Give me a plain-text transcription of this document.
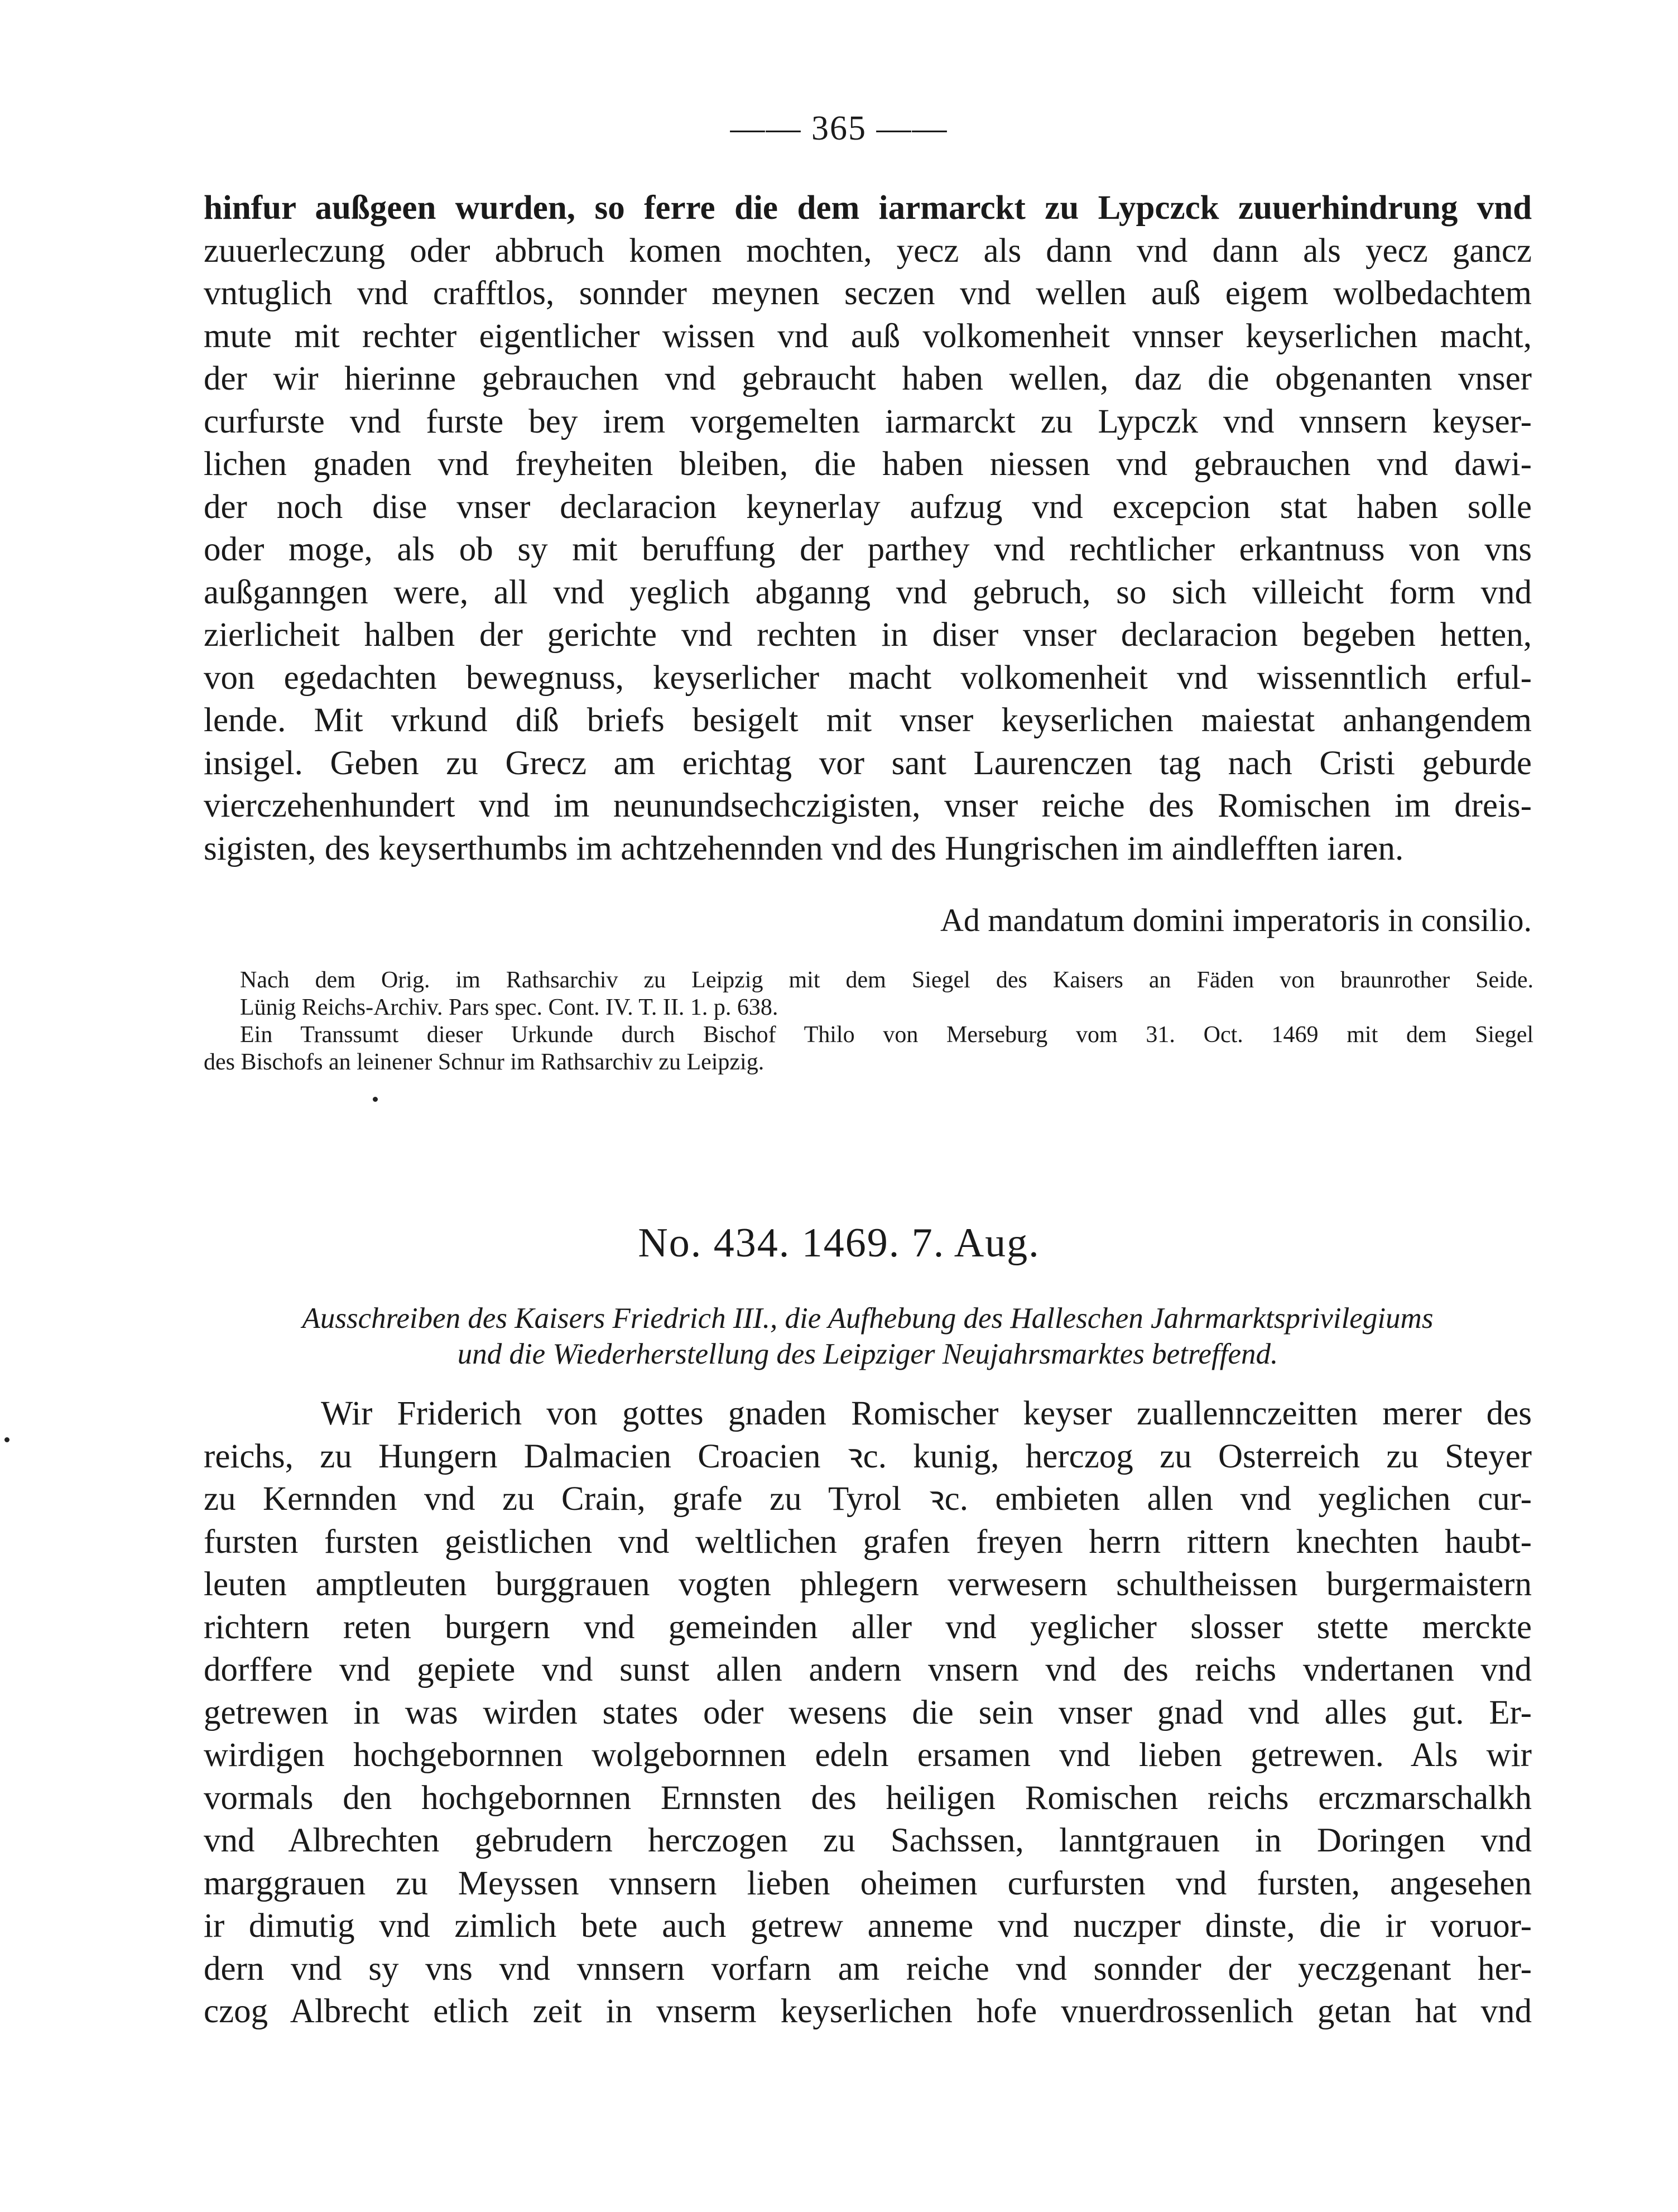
—— 365 ——
hinfur außgeen wurden, so ferre die dem iarmarckt zu Lypczck zuuerhindrung vnd
zuuerleczung oder abbruch komen mochten, yecz als dann vnd dann als yecz gancz
vntuglich vnd crafftlos, sonnder meynen seczen vnd wellen auß eigem wolbedachtem
mute mit rechter eigentlicher wissen vnd auß volkomenheit vnnser keyserlichen macht,
der wir hierinne gebrauchen vnd gebraucht haben wellen, daz die obgenanten vnser
curfurste vnd furste bey irem vorgemelten iarmarckt zu Lypczk vnd vnnsern keyser-
lichen gnaden vnd freyheiten bleiben, die haben niessen vnd gebrauchen vnd dawi-
der noch dise vnser declaracion keynerlay aufzug vnd excepcion stat haben solle
oder moge, als ob sy mit beruffung der parthey vnd rechtlicher erkantnuss von vns
außganngen were, all vnd yeglich abganng vnd gebruch, so sich villeicht form vnd
zierlicheit halben der gerichte vnd rechten in diser vnser declaracion begeben hetten,
von egedachten bewegnuss, keyserlicher macht volkomenheit vnd wissenntlich erful-
lende. Mit vrkund diß briefs besigelt mit vnser keyserlichen maiestat anhangendem
insigel. Geben zu Grecz am erichtag vor sant Laurenczen tag nach Cristi geburde
vierczehenhundert vnd im neunundsechczigisten, vnser reiche des Romischen im dreis-
sigisten, des keyserthumbs im achtzehennden vnd des Hungrischen im aindlefften iaren.
Ad mandatum domini imperatoris in consilio.
Nach dem Orig. im Rathsarchiv zu Leipzig mit dem Siegel des Kaisers an Fäden von braunrother Seide.
Lünig Reichs-Archiv. Pars spec. Cont. IV. T. II. 1. p. 638.
Ein Transsumt dieser Urkunde durch Bischof Thilo von Merseburg vom 31. Oct. 1469 mit dem Siegel
des Bischofs an leinener Schnur im Rathsarchiv zu Leipzig.
No. 434. 1469. 7. Aug.
Ausschreiben des Kaisers Friedrich III., die Aufhebung des Halleschen Jahrmarktsprivilegiums
und die Wiederherstellung des Leipziger Neujahrsmarktes betreffend.
Wir Friderich von gottes gnaden Romischer keyser zuallennczeitten merer des
reichs, zu Hungern Dalmacien Croacien ꝛc. kunig, herczog zu Osterreich zu Steyer
zu Kernnden vnd zu Crain, grafe zu Tyrol ꝛc. embieten allen vnd yeglichen cur-
fursten fursten geistlichen vnd weltlichen grafen freyen herrn rittern knechten haubt-
leuten amptleuten burggrauen vogten phlegern verwesern schultheissen burgermaistern
richtern reten burgern vnd gemeinden aller vnd yeglicher slosser stette merckte
dorffere vnd gepiete vnd sunst allen andern vnsern vnd des reichs vndertanen vnd
getrewen in was wirden states oder wesens die sein vnser gnad vnd alles gut. Er-
wirdigen hochgebornnen wolgebornnen edeln ersamen vnd lieben getrewen. Als wir
vormals den hochgebornnen Ernnsten des heiligen Romischen reichs erczmarschalkh
vnd Albrechten gebrudern herczogen zu Sachssen, lanntgrauen in Doringen vnd
marggrauen zu Meyssen vnnsern lieben oheimen curfursten vnd fursten, angesehen
ir dimutig vnd zimlich bete auch getrew anneme vnd nuczper dinste, die ir voruor-
dern vnd sy vns vnd vnnsern vorfarn am reiche vnd sonnder der yeczgenant her-
czog Albrecht etlich zeit in vnserm keyserlichen hofe vnuerdrossenlich getan hat vnd
